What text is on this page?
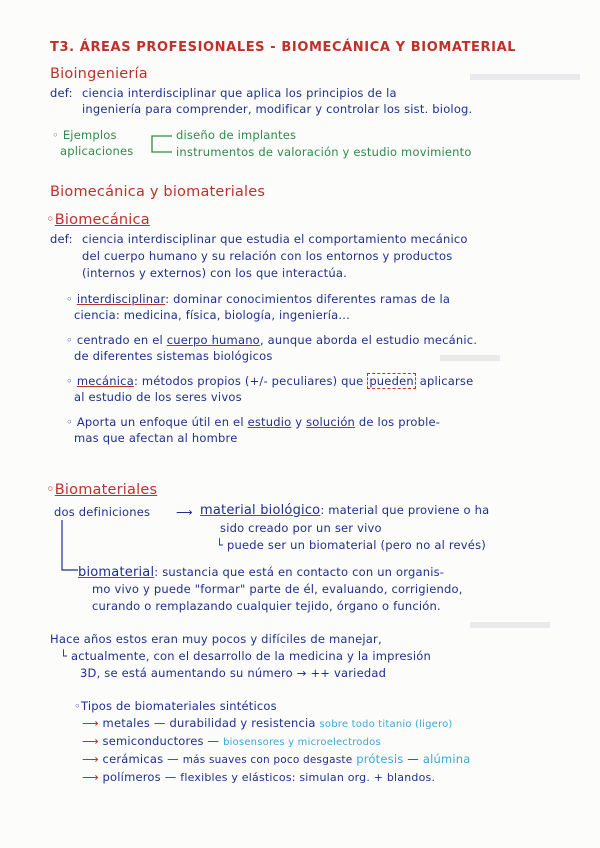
T3. ÁREAS PROFESIONALES - BIOMECÁNICA Y BIOMATERIAL
Bioingeniería
def: ciencia interdisciplinar que aplica los principios de la
ingeniería para comprender, modificar y controlar los sist. biolog.
◦ Ejemplos
aplicaciones
diseño de implantes
instrumentos de valoración y estudio movimiento
Biomecánica y biomateriales
◦Biomecánica
def: ciencia interdisciplinar que estudia el comportamiento mecánico
del cuerpo humano y su relación con los entornos y productos
(internos y externos) con los que interactúa.
◦ interdisciplinar: dominar conocimientos diferentes ramas de la
ciencia: medicina, física, biología, ingeniería...
◦ centrado en el cuerpo humano, aunque aborda el estudio mecánic.
de diferentes sistemas biológicos
◦ mecánica: métodos propios (+/- peculiares) que pueden aplicarse
al estudio de los seres vivos
◦ Aporta un enfoque útil en el estudio y solución de los proble-
mas que afectan al hombre
◦Biomateriales
dos definiciones ⟶ material biológico: material que proviene o ha
sido creado por un ser vivo
└ puede ser un biomaterial (pero no al revés)
biomaterial: sustancia que está en contacto con un organis-
mo vivo y puede "formar" parte de él, evaluando, corrigiendo,
curando o remplazando cualquier tejido, órgano o función.
Hace años estos eran muy pocos y difíciles de manejar,
└ actualmente, con el desarrollo de la medicina y la impresión
3D, se está aumentando su número → ++ variedad
◦Tipos de biomateriales sintéticos
⟶ metales — durabilidad y resistencia sobre todo titanio (ligero)
⟶ semiconductores — biosensores y microelectrodos
⟶ cerámicas — más suaves con poco desgaste prótesis — alúmina
⟶ polímeros — flexibles y elásticos: simulan org. + blandos.
